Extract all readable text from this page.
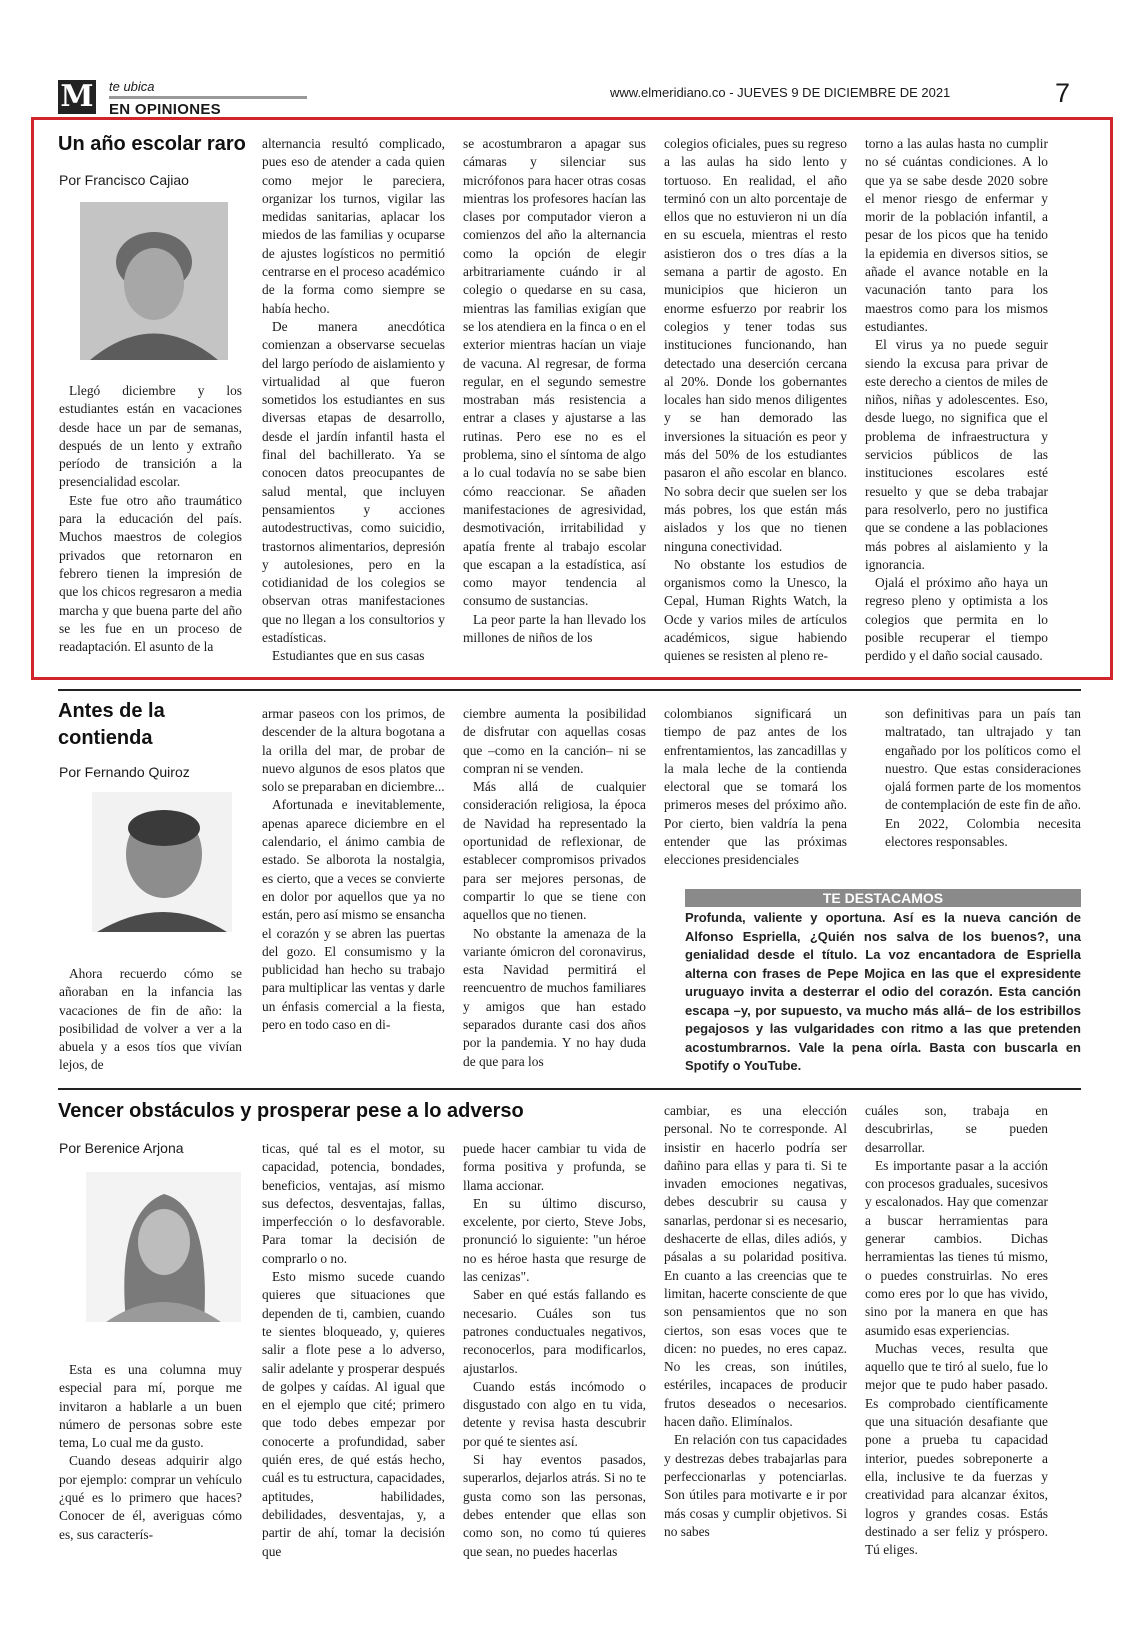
M te ubica
EN OPINIONES
www.elmeridiano.co - JUEVES 9 DE DICIEMBRE DE 2021	7
Un año escolar raro
Por Francisco Cajiao

Llegó diciembre y los estudiantes están en vacaciones desde hace un par de semanas, después de un lento y extraño período de transición a la presencialidad escolar.

Este fue otro año traumático para la educación del país. Muchos maestros de colegios privados que retornaron en febrero tienen la impresión de que los chicos regresaron a media marcha y que buena parte del año se les fue en un proceso de readaptación. El asunto de la

alternancia resultó complicado, pues eso de atender a cada quien como mejor le pareciera, organizar los turnos, vigilar las medidas sanitarias, aplacar los miedos de las familias y ocuparse de ajustes logísticos no permitió centrarse en el proceso académico de la forma como siempre se había hecho.

De manera anecdótica comienzan a observarse secuelas del largo período de aislamiento y virtualidad al que fueron sometidos los estudiantes en sus diversas etapas de desarrollo, desde el jardín infantil hasta el final del bachillerato. Ya se conocen datos preocupantes de salud mental, que incluyen pensamientos y acciones autodestructivas, como suicidio, trastornos alimentarios, depresión y autolesiones, pero en la cotidianidad de los colegios se observan otras manifestaciones que no llegan a los consultorios y estadísticas.

Estudiantes que en sus casas

se acostumbraron a apagar sus cámaras y silenciar sus micrófonos para hacer otras cosas mientras los profesores hacían las clases por computador vieron a comienzos del año la alternancia como la opción de elegir arbitrariamente cuándo ir al colegio o quedarse en su casa, mientras las familias exigían que se los atendiera en la finca o en el exterior mientras hacían un viaje de vacuna. Al regresar, de forma regular, en el segundo semestre mostraban más resistencia a entrar a clases y ajustarse a las rutinas. Pero ese no es el problema, sino el síntoma de algo a lo cual todavía no se sabe bien cómo reaccionar. Se añaden manifestaciones de agresividad, desmotivación, irritabilidad y apatía frente al trabajo escolar que escapan a la estadística, así como mayor tendencia al consumo de sustancias.

La peor parte la han llevado los millones de niños de los

colegios oficiales, pues su regreso a las aulas ha sido lento y tortuoso. En realidad, el año terminó con un alto porcentaje de ellos que no estuvieron ni un día en su escuela, mientras el resto asistieron dos o tres días a la semana a partir de agosto. En municipios que hicieron un enorme esfuerzo por reabrir los colegios y tener todas sus instituciones funcionando, han detectado una deserción cercana al 20%. Donde los gobernantes locales han sido menos diligentes y se han demorado las inversiones la situación es peor y más del 50% de los estudiantes pasaron el año escolar en blanco. No sobra decir que suelen ser los más pobres, los que están más aislados y los que no tienen ninguna conectividad.

No obstante los estudios de organismos como la Unesco, la Cepal, Human Rights Watch, la Ocde y varios miles de artículos académicos, sigue habiendo quienes se resisten al pleno re-

torno a las aulas hasta no cumplir no sé cuántas condiciones. A lo que ya se sabe desde 2020 sobre el menor riesgo de enfermar y morir de la población infantil, a pesar de los picos que ha tenido la epidemia en diversos sitios, se añade el avance notable en la vacunación tanto para los maestros como para los mismos estudiantes.

El virus ya no puede seguir siendo la excusa para privar de este derecho a cientos de miles de niños, niñas y adolescentes. Eso, desde luego, no significa que el problema de infraestructura y servicios públicos de las instituciones escolares esté resuelto y que se deba trabajar para resolverlo, pero no justifica que se condene a las poblaciones más pobres al aislamiento y la ignorancia.

Ojalá el próximo año haya un regreso pleno y optimista a los colegios que permita en lo posible recuperar el tiempo perdido y el daño social causado.

Antes de la contienda
Por Fernando Quiroz

Ahora recuerdo cómo se añoraban en la infancia las vacaciones de fin de año: la posibilidad de volver a ver a la abuela y a esos tíos que vivían lejos, de

armar paseos con los primos, de descender de la altura bogotana a la orilla del mar, de probar de nuevo algunos de esos platos que solo se preparaban en diciembre...

Afortunada e inevitablemente, apenas aparece diciembre en el calendario, el ánimo cambia de estado. Se alborota la nostalgia, es cierto, que a veces se convierte en dolor por aquellos que ya no están, pero así mismo se ensancha el corazón y se abren las puertas del gozo. El consumismo y la publicidad han hecho su trabajo para multiplicar las ventas y darle un énfasis comercial a la fiesta, pero en todo caso en di-

ciembre aumenta la posibilidad de disfrutar con aquellas cosas que –como en la canción– ni se compran ni se venden.

Más allá de cualquier consideración religiosa, la época de Navidad ha representado la oportunidad de reflexionar, de establecer compromisos privados para ser mejores personas, de compartir lo que se tiene con aquellos que no tienen.

No obstante la amenaza de la variante ómicron del coronavirus, esta Navidad permitirá el reencuentro de muchos familiares y amigos que han estado separados durante casi dos años por la pandemia. Y no hay duda de que para los

colombianos significará un tiempo de paz antes de los enfrentamientos, las zancadillas y la mala leche de la contienda electoral que se tomará los primeros meses del próximo año. Por cierto, bien valdría la pena entender que las próximas elecciones presidenciales

son definitivas para un país tan maltratado, tan ultrajado y tan engañado por los políticos como el nuestro. Que estas consideraciones ojalá formen parte de los momentos de contemplación de este fin de año. En 2022, Colombia necesita electores responsables.

TE DESTACAMOS
Profunda, valiente y oportuna. Así es la nueva canción de Alfonso Espriella, ¿Quién nos salva de los buenos?, una genialidad desde el título. La voz encantadora de Espriella alterna con frases de Pepe Mojica en las que el expresidente uruguayo invita a desterrar el odio del corazón. Esta canción escapa –y, por supuesto, va mucho más allá– de los estribillos pegajosos y las vulgaridades con ritmo a las que pretenden acostumbrarnos. Vale la pena oírla. Basta con buscarla en Spotify o YouTube.
Vencer obstáculos y prosperar pese a lo adverso
Por Berenice Arjona

Esta es una columna muy especial para mí, porque me invitaron a hablarle a un buen número de personas sobre este tema, Lo cual me da gusto.

Cuando deseas adquirir algo por ejemplo: comprar un vehículo ¿qué es lo primero que haces? Conocer de él, averiguas cómo es, sus caracterís-

ticas, qué tal es el motor, su capacidad, potencia, bondades, beneficios, ventajas, así mismo sus defectos, desventajas, fallas, imperfección o lo desfavorable. Para tomar la decisión de comprarlo o no.

Esto mismo sucede cuando quieres que situaciones que dependen de ti, cambien, cuando te sientes bloqueado, y, quieres salir a flote pese a lo adverso, salir adelante y prosperar después de golpes y caídas. Al igual que en el ejemplo que cité; primero que todo debes empezar por conocerte a profundidad, saber quién eres, de qué estás hecho, cuál es tu estructura, capacidades, aptitudes, habilidades, debilidades, desventajas, y, a partir de ahí, tomar la decisión que

puede hacer cambiar tu vida de forma positiva y profunda, se llama accionar.

En su último discurso, excelente, por cierto, Steve Jobs, pronunció lo siguiente: "un héroe no es héroe hasta que resurge de las cenizas".

Saber en qué estás fallando es necesario. Cuáles son tus patrones conductuales negativos, reconocerlos, para modificarlos, ajustarlos.

Cuando estás incómodo o disgustado con algo en tu vida, detente y revisa hasta descubrir por qué te sientes así.

Si hay eventos pasados, superarlos, dejarlos atrás. Si no te gusta como son las personas, debes entender que ellas son como son, no como tú quieres que sean, no puedes hacerlas

cambiar, es una elección personal. No te corresponde. Al insistir en hacerlo podría ser dañino para ellas y para ti. Si te invaden emociones negativas, debes descubrir su causa y sanarlas, perdonar si es necesario, deshacerte de ellas, diles adiós, y pásalas a su polaridad positiva. En cuanto a las creencias que te limitan, hacerte consciente de que son pensamientos que no son ciertos, son esas voces que te dicen: no puedes, no eres capaz. No les creas, son inútiles, estériles, incapaces de producir frutos deseados o necesarios. hacen daño. Elimínalos.

En relación con tus capacidades y destrezas debes trabajarlas para perfeccionarlas y potenciarlas. Son útiles para motivarte e ir por más cosas y cumplir objetivos. Si no sabes

cuáles son, trabaja en descubrirlas, se pueden desarrollar.

Es importante pasar a la acción con procesos graduales, sucesivos y escalonados. Hay que comenzar a buscar herramientas para generar cambios. Dichas herramientas las tienes tú mismo, o puedes construirlas. No eres como eres por lo que has vivido, sino por la manera en que has asumido esas experiencias.

Muchas veces, resulta que aquello que te tiró al suelo, fue lo mejor que te pudo haber pasado. Es comprobado científicamente que una situación desafiante que pone a prueba tu capacidad interior, puedes sobreponerte a ella, inclusive te da fuerzas y creatividad para alcanzar éxitos, logros y grandes cosas. Estás destinado a ser feliz y próspero. Tú eliges.
